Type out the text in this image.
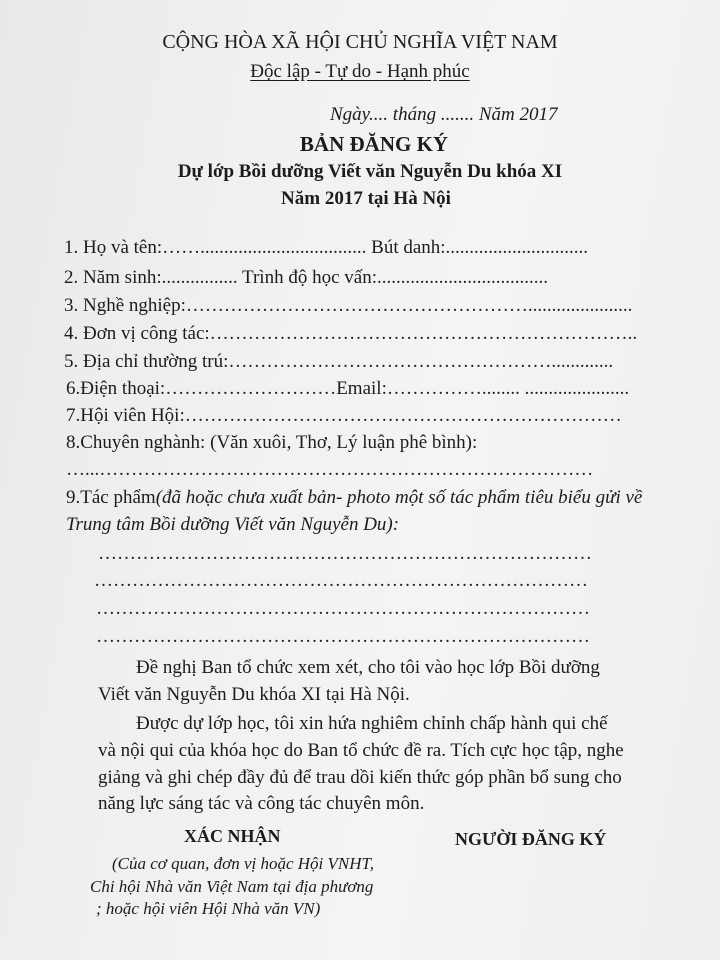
CỘNG HÒA XÃ HỘI CHỦ NGHĨA VIỆT NAM
Độc lập - Tự do - Hạnh phúc
Ngày.... tháng ....... Năm 2017
BẢN ĐĂNG KÝ
Dự lớp Bồi dưỡng Viết văn Nguyễn Du khóa XI
Năm 2017 tại Hà Nội
1. Họ và tên:……................................... Bút danh:..............................
2. Năm sinh:................ Trình độ học vấn:....................................
3. Nghề nghiệp:………………………………………………......................
4. Đơn vị công tác:…………………………………………………………..
5. Địa chỉ thường trú:…………………………………………….............
6.Điện thoại:………………………Email:……………........ ......................
7.Hội viên Hội:……………………………………………………………
8.Chuyên nghành: (Văn xuôi, Thơ, Lý luận phê bình):
…...……………………………………………………………………
9.Tác phẩm(đã hoặc chưa xuất bản- photo một số tác phẩm tiêu biểu gửi về
Trung tâm Bồi dưỡng Viết văn Nguyễn Du):
……………………………………………………………………
……………………………………………………………………
……………………………………………………………………
……………………………………………………………………
Đề nghị Ban tổ chức xem xét, cho tôi vào học lớp Bồi dưỡng
Viết văn Nguyễn Du khóa XI tại Hà Nội.
Được dự lớp học, tôi xin hứa nghiêm chỉnh chấp hành qui chế
và nội qui của khóa học do Ban tổ chức đề ra. Tích cực học tập, nghe
giảng và ghi chép đầy đủ để trau dồi kiến thức góp phần bổ sung cho
năng lực sáng tác và công tác chuyên môn.
XÁC NHẬN
(Của cơ quan, đơn vị hoặc Hội VNHT,
Chi hội Nhà văn Việt Nam tại địa phương
; hoặc hội viên Hội Nhà văn VN)
NGƯỜI ĐĂNG KÝ
